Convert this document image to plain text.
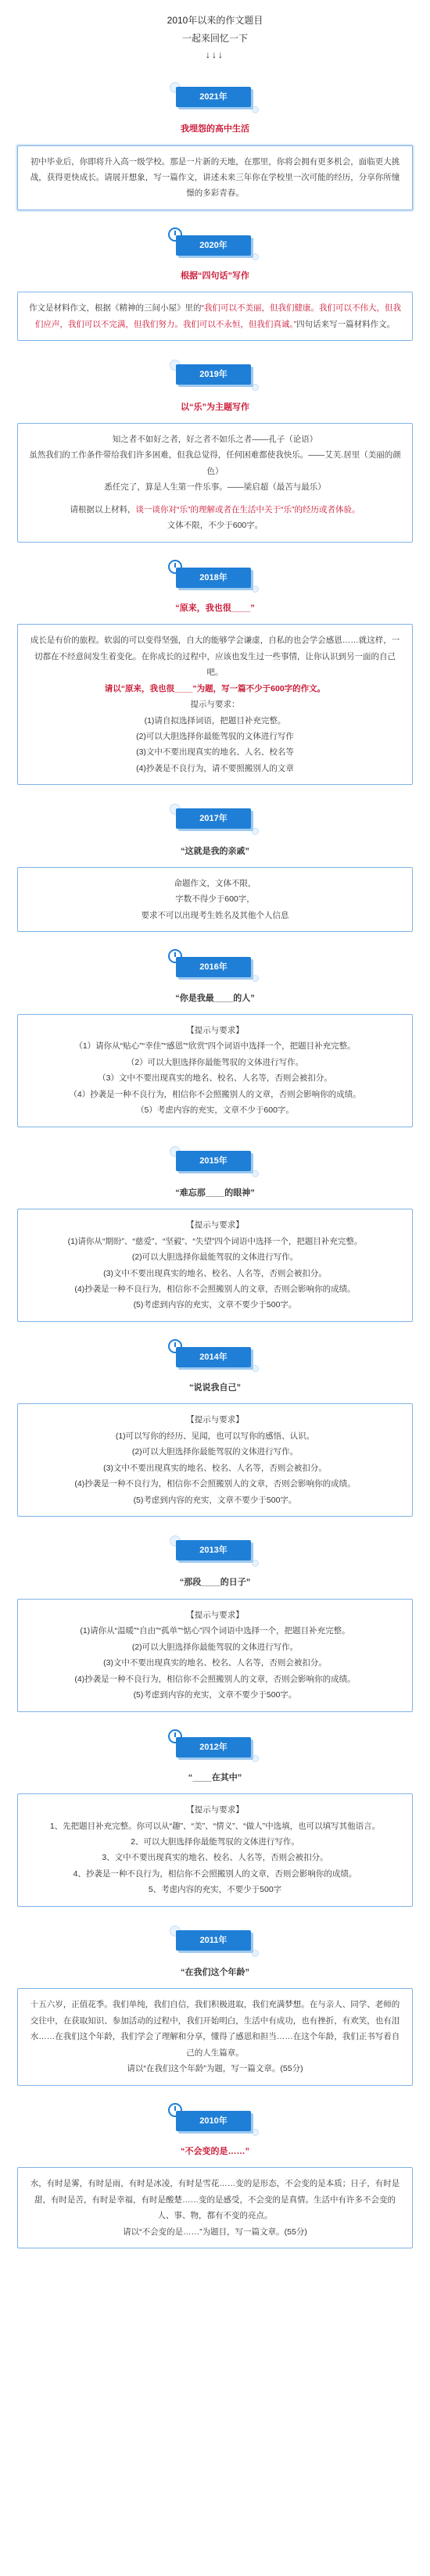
2010年以来的作文题目
一起来回忆一下
↓↓↓
2021年
我埋怨的高中生活

初中毕业后，你即将升入高一级学校。那是一片新的天地，在那里，你将会拥有更多机会，面临更大挑战，获得更快成长。请展开想象，写一篇作文，讲述未来三年你在学校里一次可能的经历，分享你所憧憬的多彩青春。

2020年
根据“四句话”写作

作文是材料作文，根据《精神的三间小屋》里的“我们可以不美丽，但我们健康。我们可以不伟大，但我们应声，我们可以不完满，但我们努力。我们可以不永恒，但我们真诚。”四句话来写一篇材料作文。

2019年
以“乐”为主题写作

知之者不如好之者，好之者不如乐之者——孔子（论语）

虽然我们的工作条件带给我们许多困难，但我总觉得，任何困难都使我快乐。——艾芙.居里（美丽的颜色）

悉任完了，算是人生第一件乐事。——梁启超（最苦与最乐）

请根据以上材料，谈一谈你对“乐”的理解或者在生活中关于“乐”的经历或者体验。

文体不限，不少于600字。

2018年
“原来，我也很____”

成长是有价的旅程。软弱的可以变得坚强，自大的能够学会谦虚，自私的也会学会感恩……就这样，一切都在不经意间发生着变化。在你成长的过程中，应该也发生过一些事情，让你认识到另一面的自己吧。

请以“原来，我也很____”为题，写一篇不少于600字的作文。

提示与要求：

(1)请自拟选择词语，把题目补充完整。

(2)可以大胆选择你最能驾驭的文体进行写作

(3)文中不要出现真实的地名、人名、校名等

(4)抄袭是不良行为，请不要照搬别人的文章

2017年
“这就是我的亲戚”

命题作文，文体不限，

字数不得少于600字，

要求不可以出现考生姓名及其他个人信息

2016年
“你是我最____的人”

【提示与要求】

（1）请你从“贴心”“幸佳”“感恩”“欣赏”四个词语中选择一个，把题目补充完整。

（2）可以大胆选择你最能驾驭的文体进行写作。

（3）文中不要出现真实的地名、校名、人名等，否则会被扣分。

（4）抄袭是一种不良行为，相信你不会照搬别人的文章，否则会影响你的成绩。

（5）考虑内容的充实，文章不少于600字。

2015年
“难忘那____的眼神”

【提示与要求】

(1)请你从“期盼”、“慈爱”、“坚毅”、“失望”四个词语中选择一个，把题目补充完整。

(2)可以大胆选择你最能驾驭的文体进行写作。

(3)文中不要出现真实的地名、校名、人名等，否则会被扣分。

(4)抄袭是一种不良行为，相信你不会照搬别人的文章，否则会影响你的成绩。

(5)考虑到内容的充实，文章不要少于500字。

2014年
“说说我自己”

【提示与要求】

(1)可以写你的经历、见闻，也可以写你的感悟、认识。

(2)可以大胆选择你最能驾驭的文体进行写作。

(3)文中不要出现真实的地名、校名、人名等，否则会被扣分。

(4)抄袭是一种不良行为，相信你不会照搬别人的文章，否则会影响你的成绩。

(5)考虑到内容的充实，文章不要少于500字。

2013年
“那段____的日子”

【提示与要求】

(1)请你从“温暖”“自由”“孤单”“惦心”四个词语中选择一个，把题目补充完整。

(2)可以大胆选择你最能驾驭的文体进行写作。

(3)文中不要出现真实的地名、校名、人名等，否则会被扣分。

(4)抄袭是一种不良行为，相信你不会照搬别人的文章，否则会影响你的成绩。

(5)考虑到内容的充实，文章不要少于500字。

2012年
“____在其中”

【提示与要求】

1、先把题目补充完整。你可以从“趣”、“美”、“情义”、“做人”中选填，也可以填写其他语言。

2、可以大胆选择你最能驾驭的文体进行写作。

3、文中不要出现真实的地名、校名、人名等，否则会被扣分。

4、抄袭是一种不良行为，相信你不会照搬别人的文章，否则会影响你的成绩。

5、考虑内容的充实，不要少于500字

2011年
“在我们这个年龄”

十五六岁，正值花季。我们单纯，我们自信，我们积极进取，我们充满梦想。在与亲人、同学、老师的交往中，在获取知识、参加活动的过程中，我们开始明白，生活中有成功，也有挫折，有欢笑，也有泪水……在我们这个年龄，我们学会了理解和分享，懂得了感恩和担当……在这个年龄，我们正书写着自己的人生篇章。

请以“在我们这个年龄”为题，写一篇文章。(55分)

2010年
“不会变的是……”

水，有时是雾，有时是雨，有时是冰凌，有时是雪花……变的是形态，不会变的是本质；日子，有时是甜，有时是苦，有时是幸福，有时是酸楚……变的是感受，不会变的是真情。生活中有许多不会变的人、事、物，都有不变的亮点。

请以“不会变的是……”为题目，写一篇文章。(55分)
